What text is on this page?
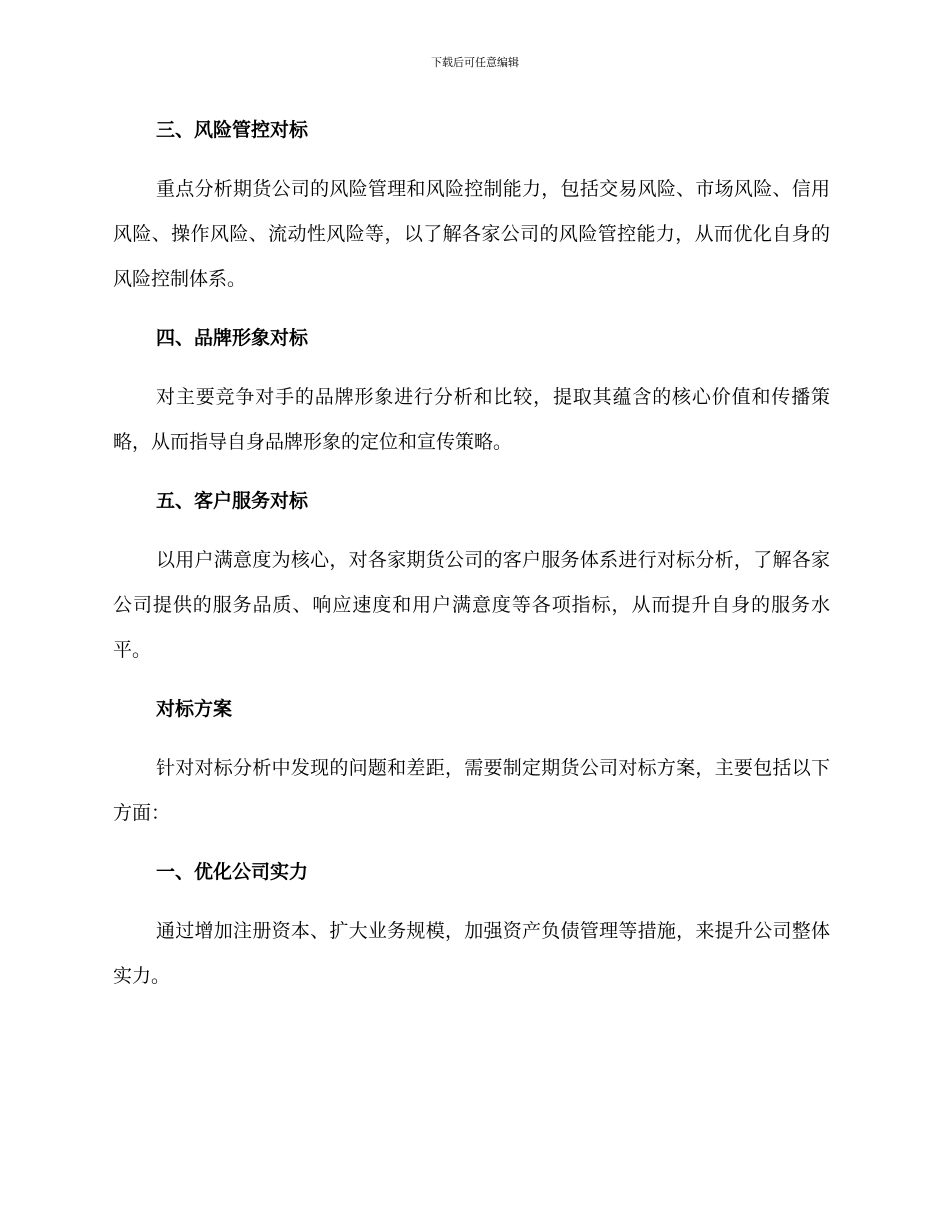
下载后可任意编辑
三、风险管控对标

重点分析期货公司的风险管理和风险控制能力，包括交易风险、市场风险、信用风险、操作风险、流动性风险等，以了解各家公司的风险管控能力，从而优化自身的风险控制体系。

四、品牌形象对标

对主要竞争对手的品牌形象进行分析和比较，提取其蕴含的核心价值和传播策略，从而指导自身品牌形象的定位和宣传策略。

五、客户服务对标

以用户满意度为核心，对各家期货公司的客户服务体系进行对标分析，了解各家公司提供的服务品质、响应速度和用户满意度等各项指标，从而提升自身的服务水平。

对标方案

针对对标分析中发现的问题和差距，需要制定期货公司对标方案，主要包括以下方面：

一、优化公司实力

通过增加注册资本、扩大业务规模，加强资产负债管理等措施，来提升公司整体实力。
